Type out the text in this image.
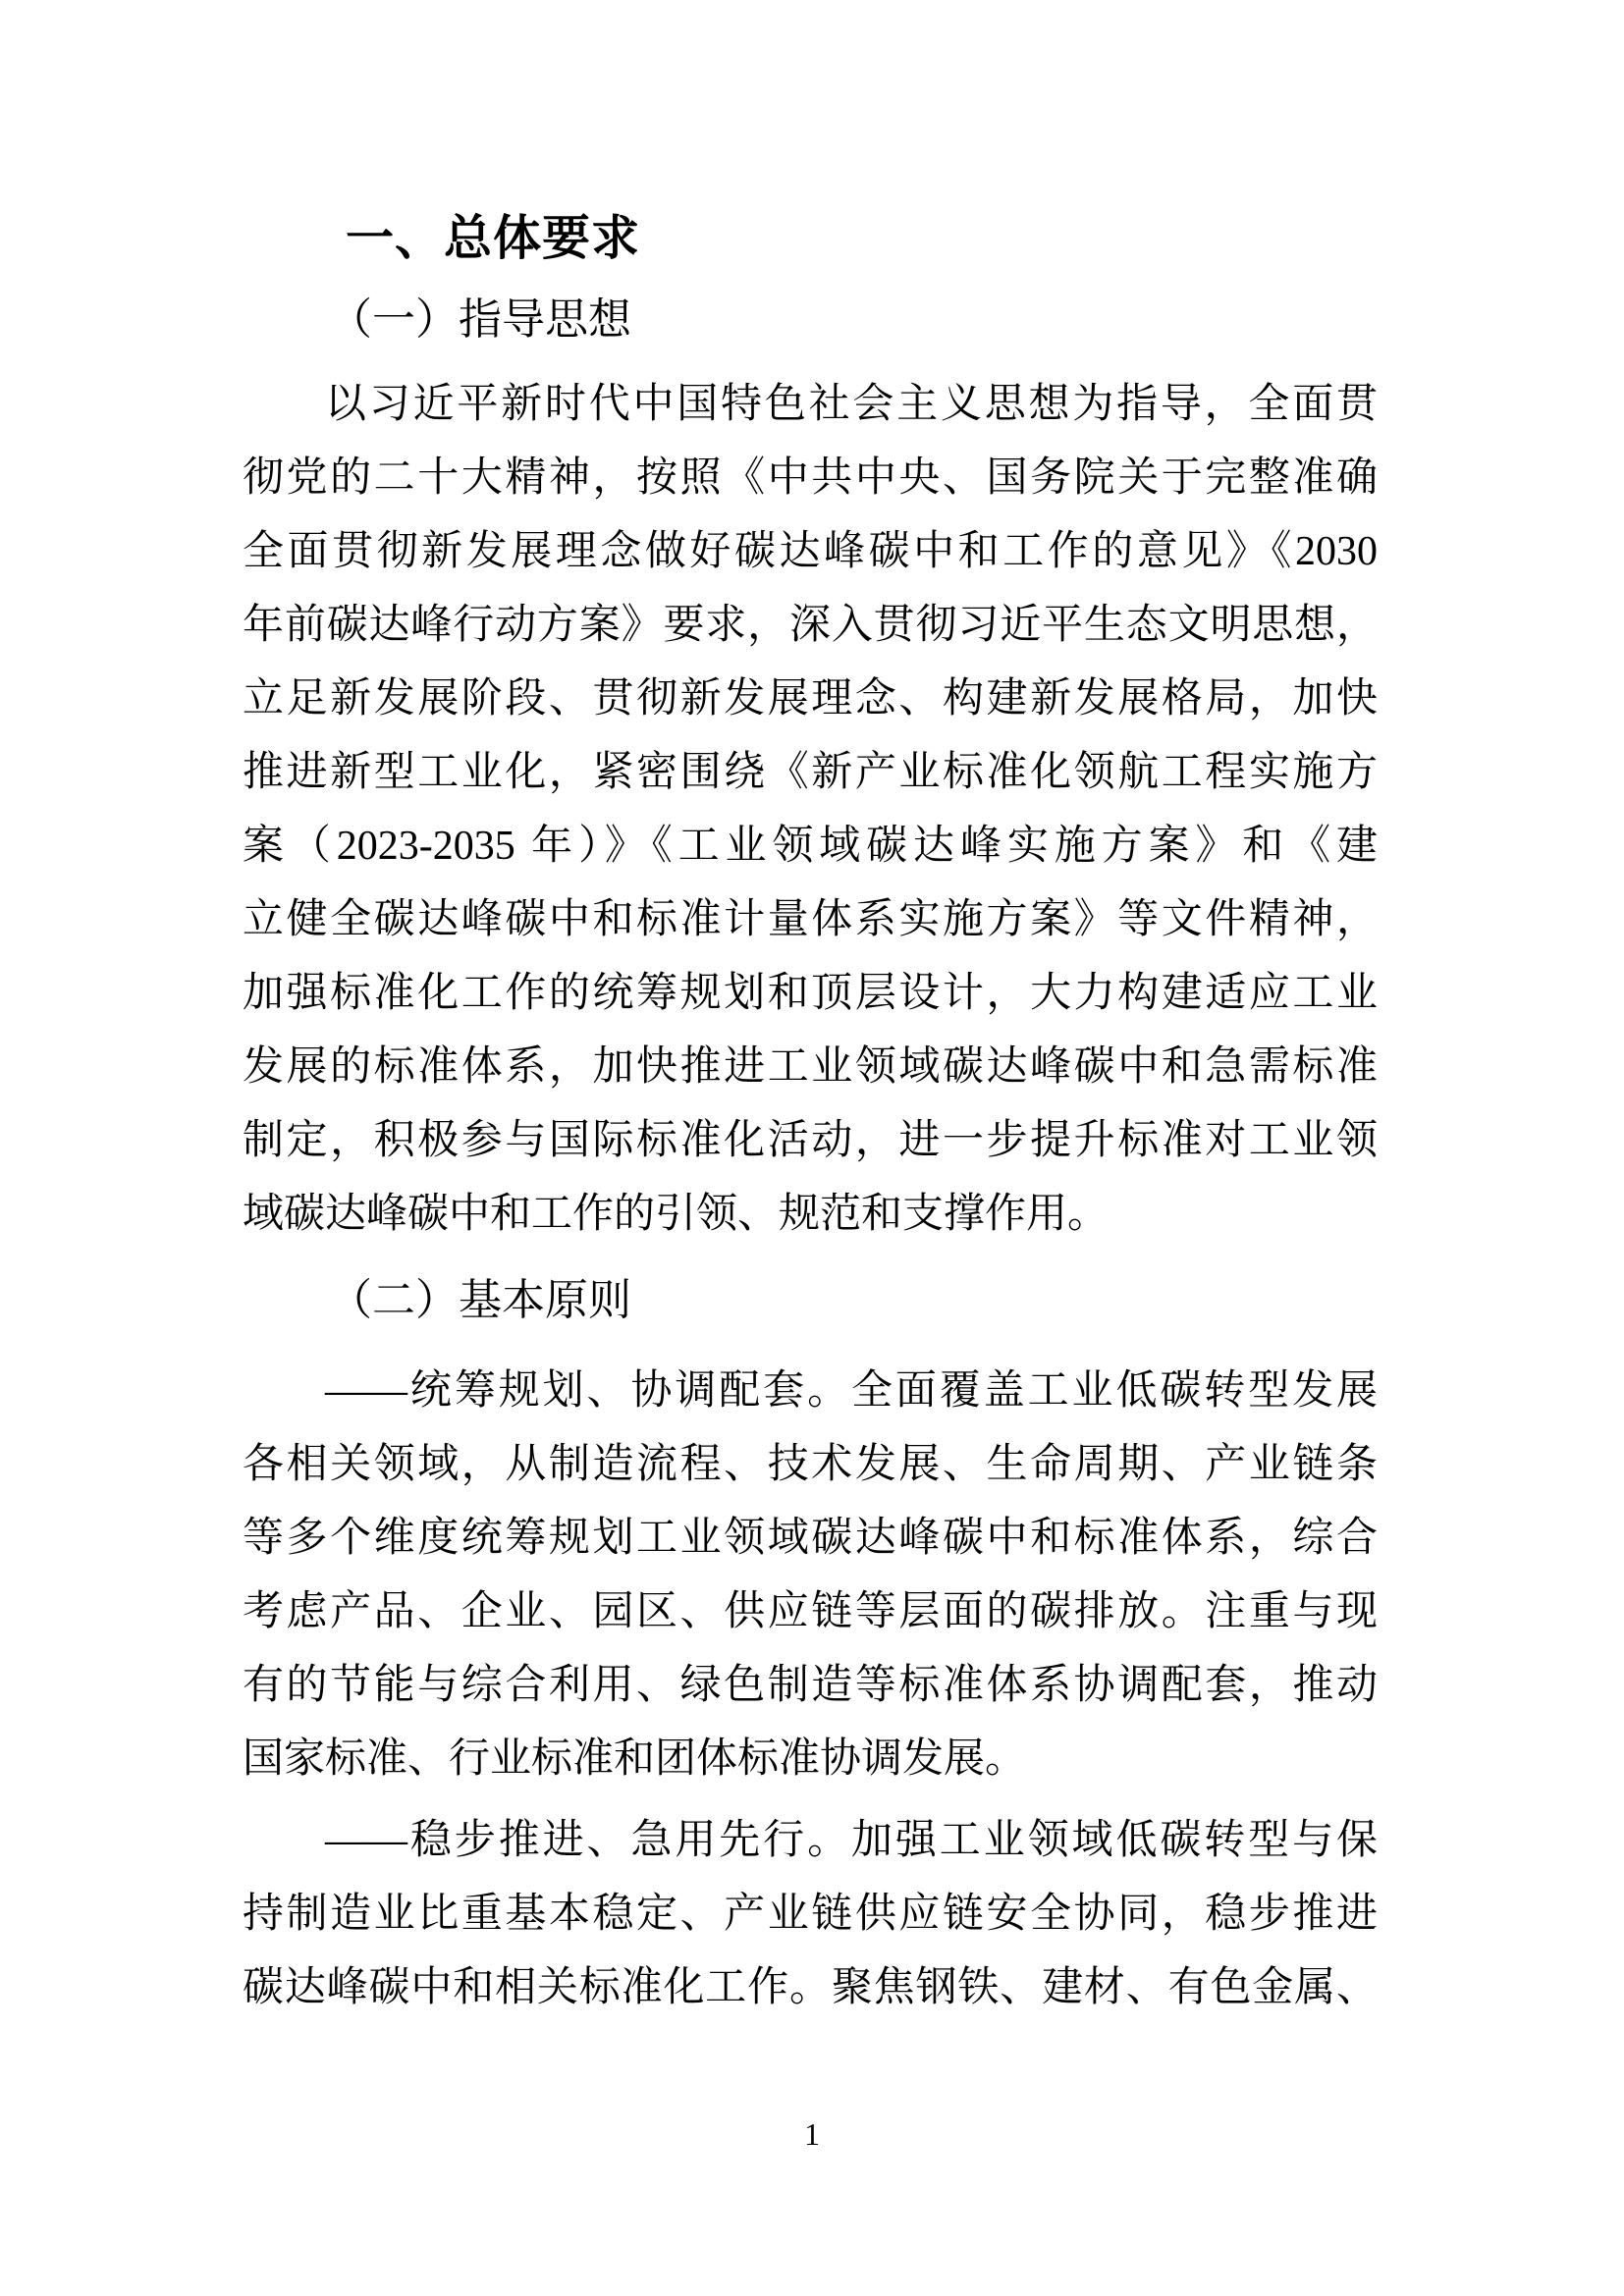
一、总体要求
（一）指导思想
以习近平新时代中国特色社会主义思想为指导，全面贯
彻党的二十大精神，按照《中共中央、国务院关于完整准确
全面贯彻新发展理念做好碳达峰碳中和工作的意见》《2030
年前碳达峰行动方案》要求，深入贯彻习近平生态文明思想，
立足新发展阶段、贯彻新发展理念、构建新发展格局，加快
推进新型工业化，紧密围绕《新产业标准化领航工程实施方
案（2023-2035 年）》《工业领域碳达峰实施方案》和《建
立健全碳达峰碳中和标准计量体系实施方案》等文件精神，
加强标准化工作的统筹规划和顶层设计，大力构建适应工业
发展的标准体系，加快推进工业领域碳达峰碳中和急需标准
制定，积极参与国际标准化活动，进一步提升标准对工业领
域碳达峰碳中和工作的引领、规范和支撑作用。
（二）基本原则
——统筹规划、协调配套。全面覆盖工业低碳转型发展
各相关领域，从制造流程、技术发展、生命周期、产业链条
等多个维度统筹规划工业领域碳达峰碳中和标准体系，综合
考虑产品、企业、园区、供应链等层面的碳排放。注重与现
有的节能与综合利用、绿色制造等标准体系协调配套，推动
国家标准、行业标准和团体标准协调发展。
——稳步推进、急用先行。加强工业领域低碳转型与保
持制造业比重基本稳定、产业链供应链安全协同，稳步推进
碳达峰碳中和相关标准化工作。聚焦钢铁、建材、有色金属、
1
